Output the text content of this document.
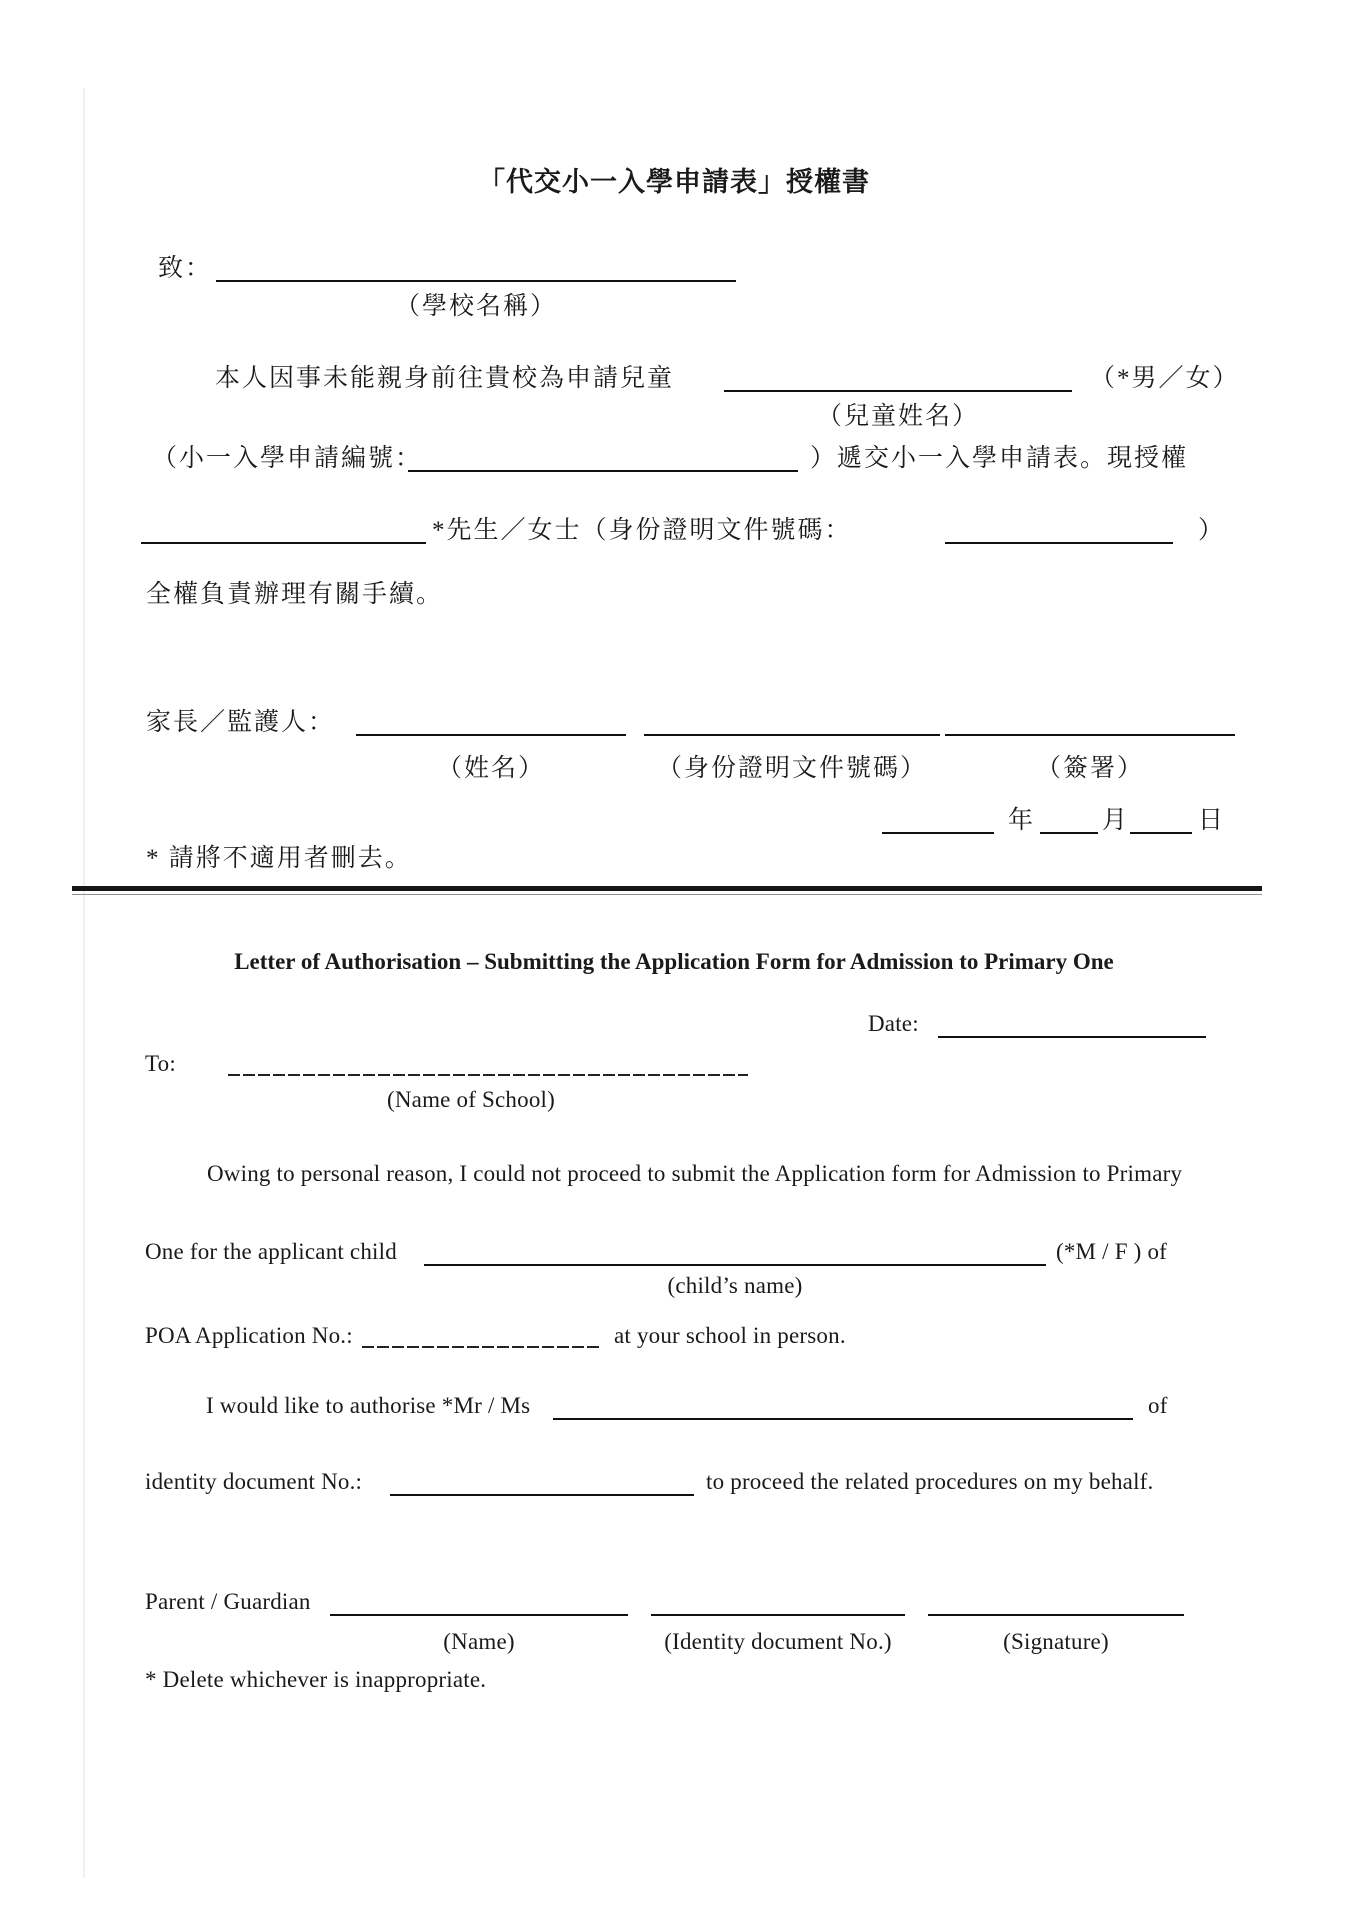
「代交小一入學申請表」授權書
致：
（學校名稱）
本人因事未能親身前往貴校為申請兒童	（*男／女）
（兒童姓名）
（小一入學申請編號：	）遞交小一入學申請表。現授權
*先生／女士（身份證明文件號碼：	）
全權負責辦理有關手續。
家長／監護人：
（姓名）	（身份證明文件號碼）	（簽署）
年	月	日
* 請將不適用者刪去。
Letter of Authorisation – Submitting the Application Form for Admission to Primary One
Date:
To:
(Name of School)
Owing to personal reason, I could not proceed to submit the Application form for Admission to Primary
One for the applicant child	(*M / F ) of
(child’s name)
POA Application No.:	at your school in person.
I would like to authorise *Mr / Ms	of
identity document No.:	to proceed the related procedures on my behalf.
Parent / Guardian
(Name)	(Identity document No.)	(Signature)
* Delete whichever is inappropriate.
